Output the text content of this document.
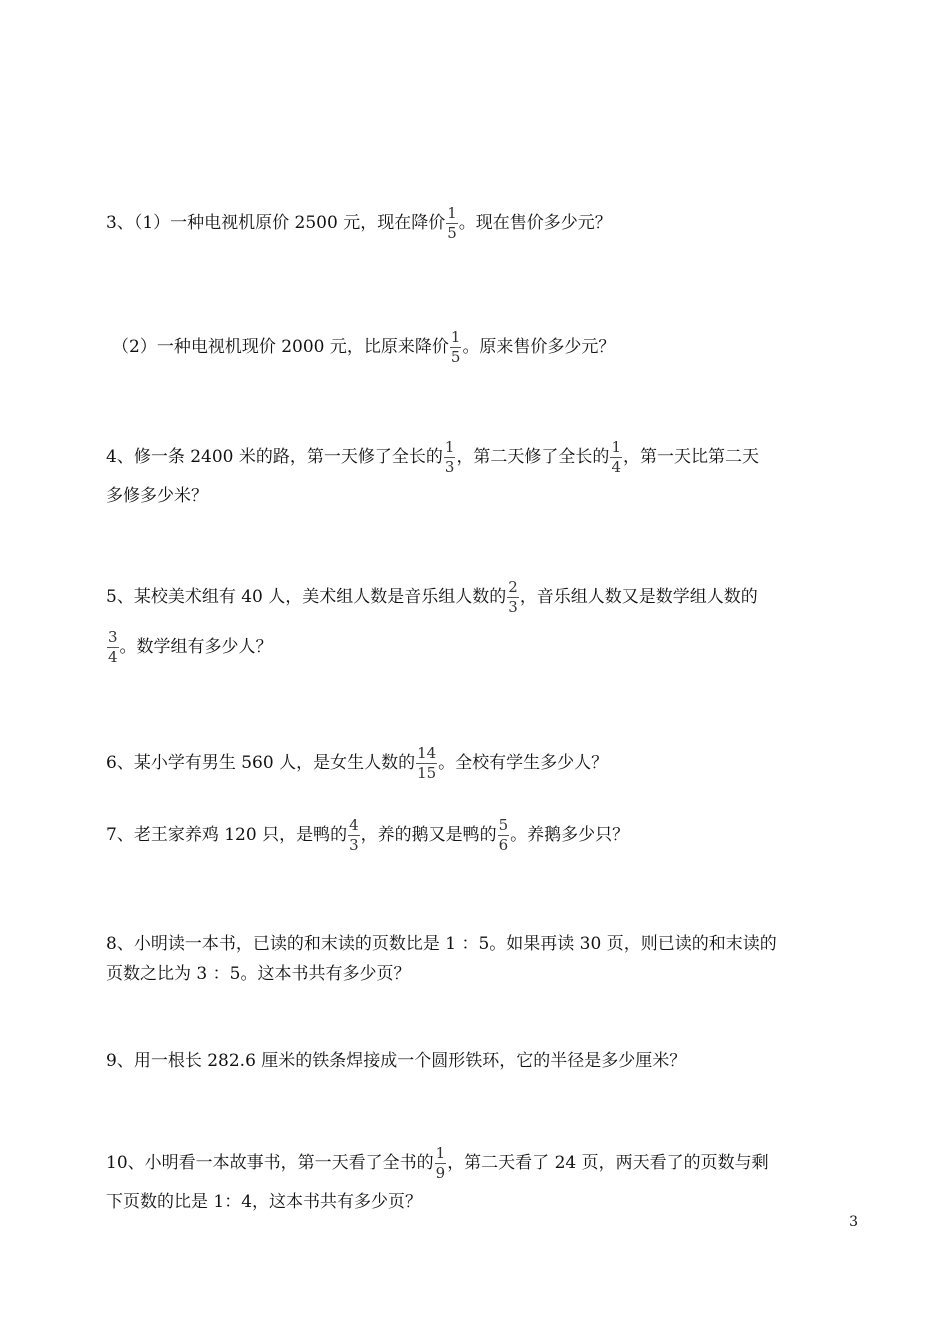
3、（1）一种电视机原价 2500 元，现在降价 $\frac{1}{5}$ 。现在售价多少元？
（2）一种电视机现价 2000 元，比原来降价 $\frac{1}{5}$ 。原来售价多少元？
4、修一条 2400 米的路，第一天修了全长的 $\frac{1}{3}$ ，第二天修了全长的 $\frac{1}{4}$ ，第一天比第二天
多修多少米？
5、某校美术组有 40 人，美术组人数是音乐组人数的 $\frac{2}{3}$ ，音乐组人数又是数学组人数的
$\frac{3}{4}$ 。数学组有多少人？
6、某小学有男生 560 人，是女生人数的 $\frac{14}{15}$ 。全校有学生多少人？
7、老王家养鸡 120 只，是鸭的 $\frac{4}{3}$ ，养的鹅又是鸭的 $\frac{5}{6}$ 。养鹅多少只？
8、小明读一本书，已读的和末读的页数比是 1 ：5。如果再读 30 页，则已读的和末读的
页数之比为 3 ：5。这本书共有多少页？
9、用一根长 282.6 厘米的铁条焊接成一个圆形铁环，它的半径是多少厘米？
10、小明看一本故事书，第一天看了全书的 $\frac{1}{9}$ ，第二天看了 24 页，两天看了的页数与剩
下页数的比是 1：4，这本书共有多少页？
3
